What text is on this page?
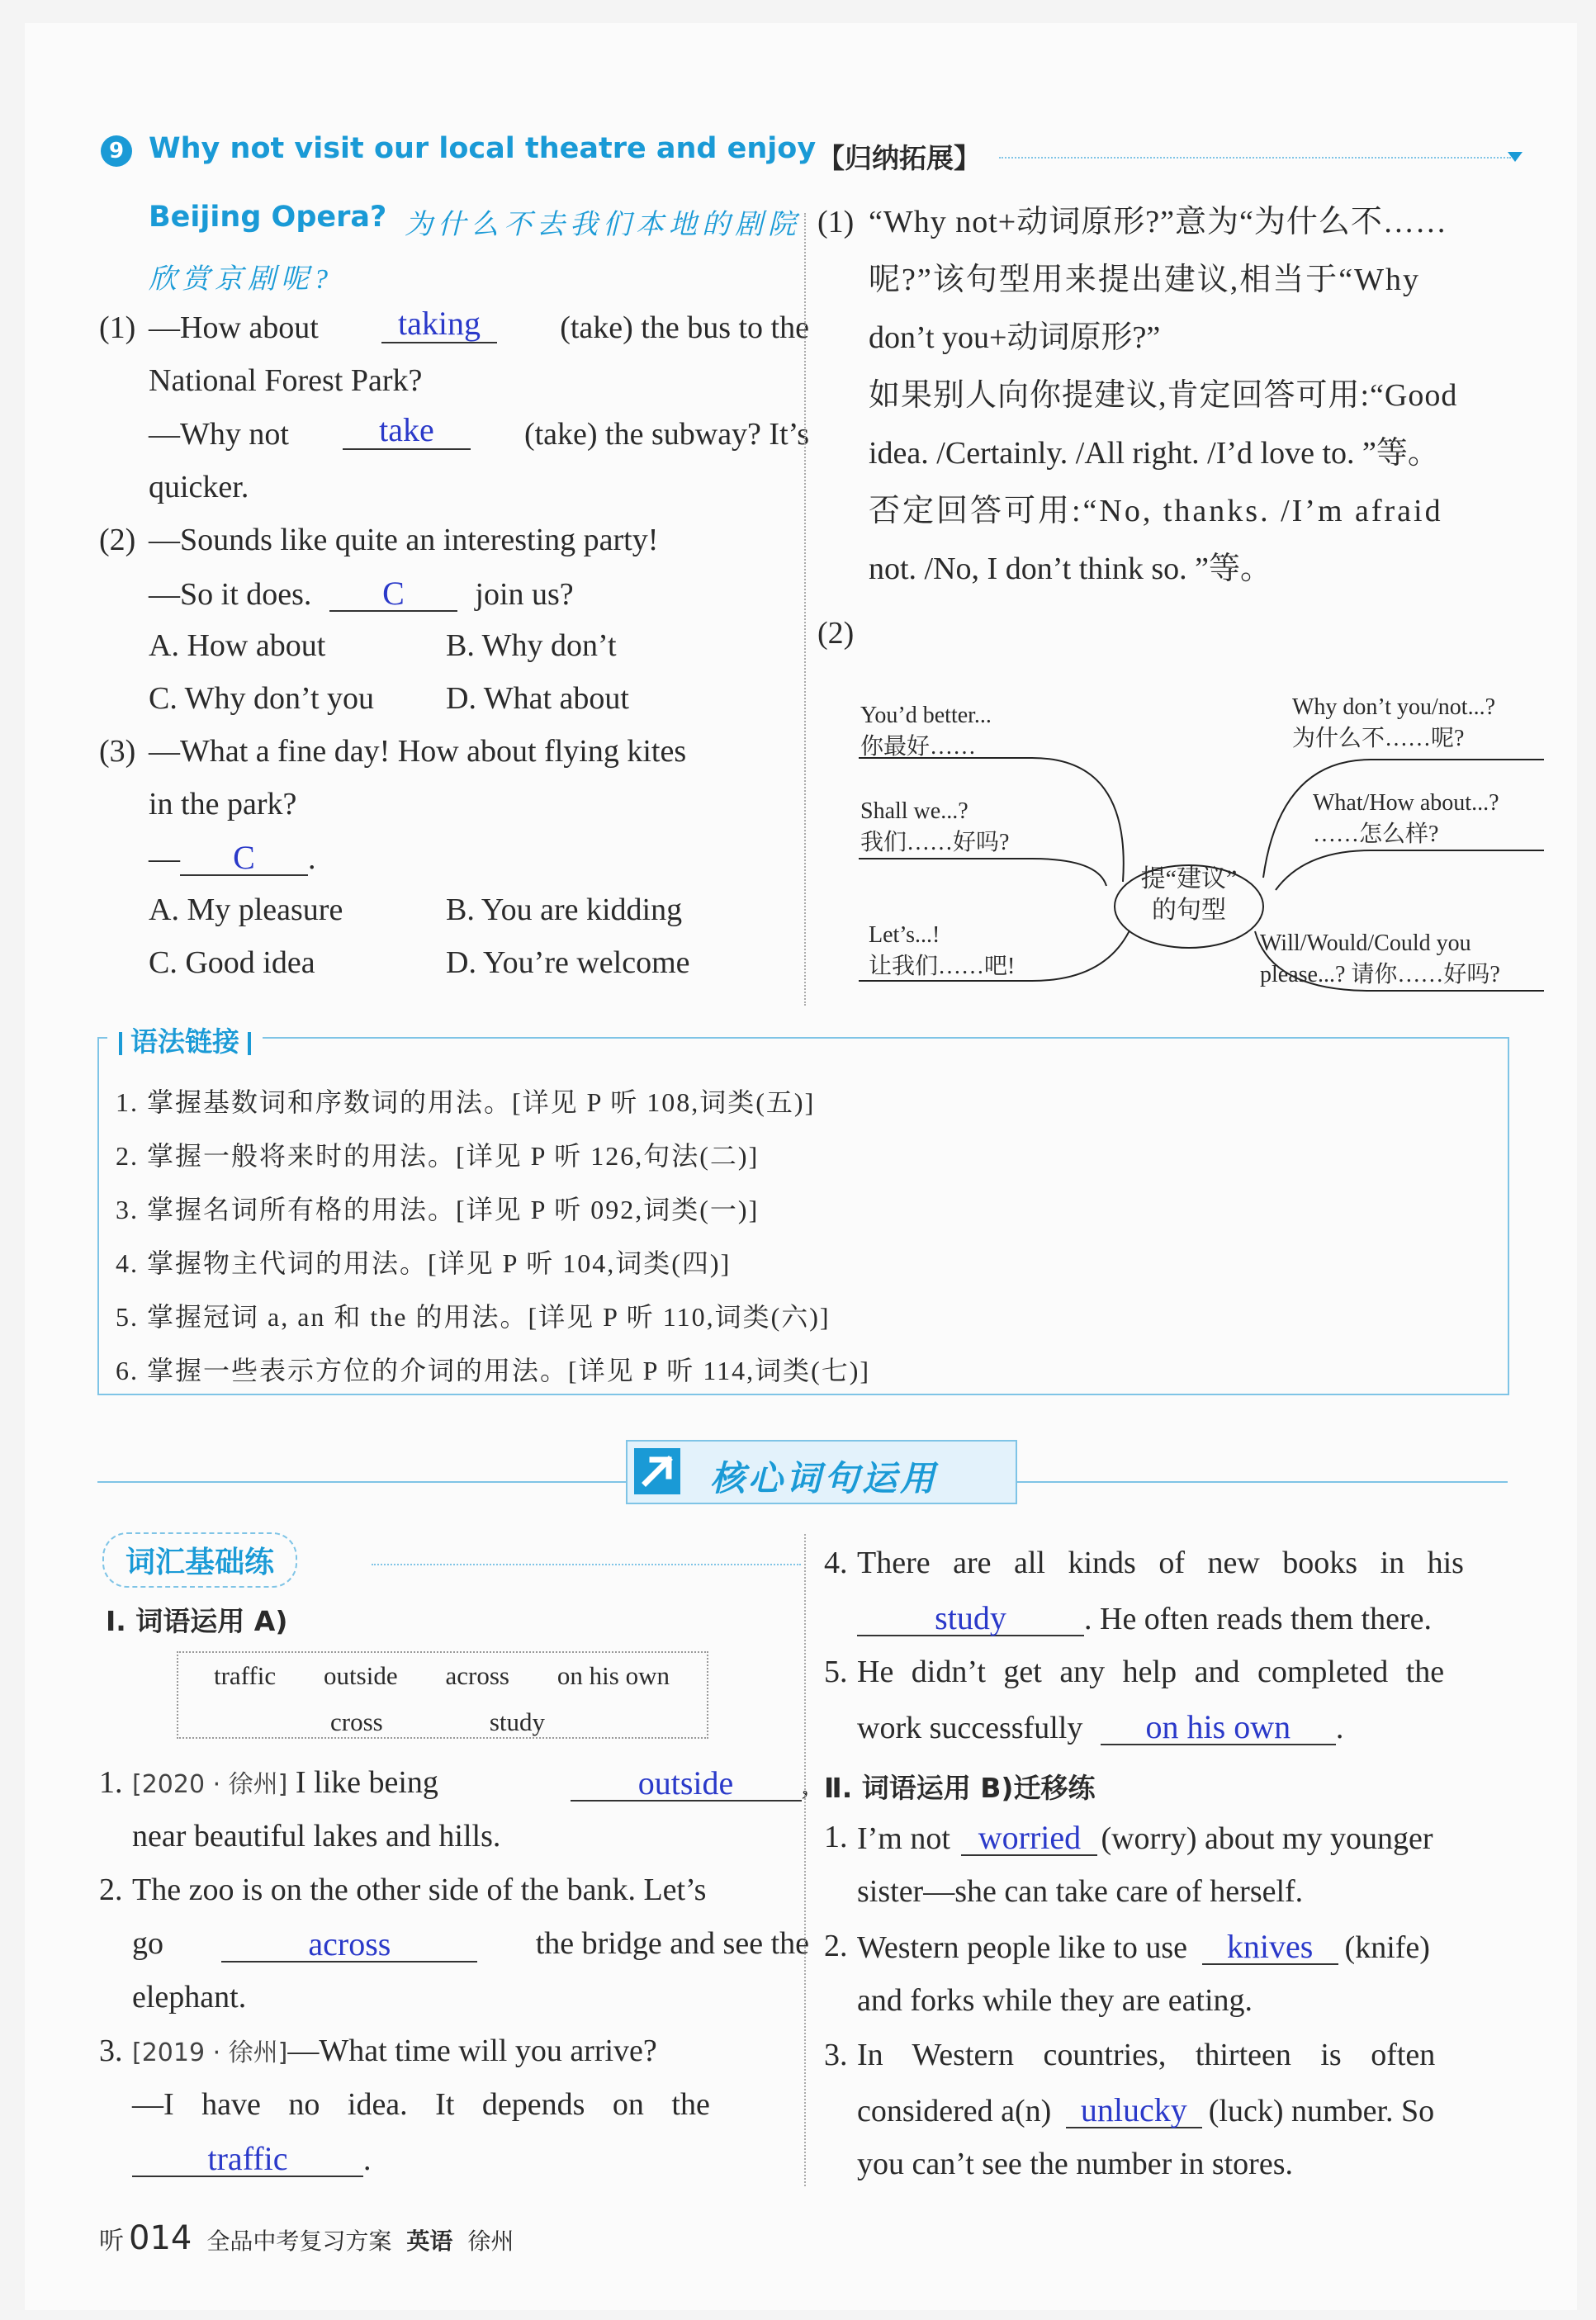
9 Why not visit our local theatre and enjoy
Beijing Opera? 为什么不去我们本地的剧院
欣赏京剧呢?
(1) —How about	taking	(take) the bus to the
National Forest Park?
—Why not	take	(take) the subway? It’s
quicker.
(2) —Sounds like quite an interesting party!
—So it does. C join us?
A. How about	B. Why don’t
C. Why don’t you D. What about
(3) —What a fine day! How about flying kites
in the park?
— C .
A. My pleasure	B. You are kidding
C. Good idea	D. You’re welcome
【归纳拓展】
(1) “Why not+动词原形?”意为“为什么不……
呢?”该句型用来提出建议,相当于“Why
don’t you+动词原形?”
如果别人向你提建议,肯定回答可用:“Good
idea. /Certainly. /All right. /I’d love to. ”等。
否定回答可用:“No, thanks. /I’m afraid
not. /No, I don’t think so. ”等。
(2)
提“建议”
的句型
You’d better...
你最好……
Shall we...?
我们……好吗?
Let’s...!
让我们……吧!
Why don’t you/not...?
为什么不……呢?
What/How about...?
……怎么样?
Will/Would/Could you
please...? 请你……好吗?
语法链接
1. 掌握基数词和序数词的用法。[详见 P 听 108,词类(五)]
2. 掌握一般将来时的用法。[详见 P 听 126,句法(二)]
3. 掌握名词所有格的用法。[详见 P 听 092,词类(一)]
4. 掌握物主代词的用法。[详见 P 听 104,词类(四)]
5. 掌握冠词 a, an 和 the 的用法。[详见 P 听 110,词类(六)]
6. 掌握一些表示方位的介词的用法。[详见 P 听 114,词类(七)]
核心词句运用
词汇基础练
Ⅰ. 词语运用 A)
traffic outside across on his own
cross	study
1. [2020 · 徐州] I like being	outside ,
near beautiful lakes and hills.
2. The zoo is on the other side of the bank. Let’s
go	across	the bridge and see the
elephant.
3. [2019 · 徐州]—What time will you arrive?
—I have no idea. It depends on the
traffic .
4. There are all kinds of new books in his
study . He often reads them there.
5. He didn’t get any help and completed the
work successfully on his own .
Ⅱ. 词语运用 B)迁移练
1. I’m not worried (worry) about my younger
sister—she can take care of herself.
2. Western people like to use knives (knife)
and forks while they are eating.
3. In Western countries, thirteen is often
considered a(n) unlucky (luck) number. So
you can’t see the number in stores.
听 014 全品中考复习方案 英语 徐州
